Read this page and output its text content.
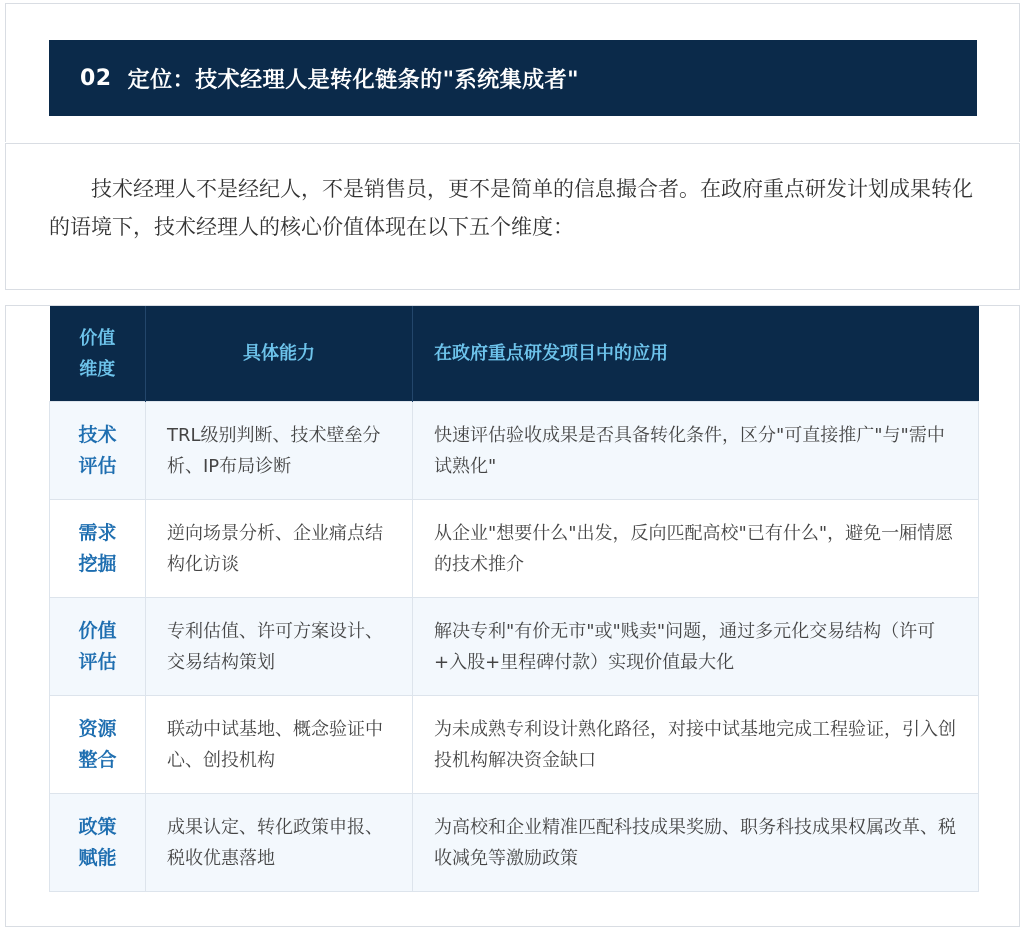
02 定位：技术经理人是转化链条的"系统集成者"

技术经理人不是经纪人，不是销售员，更不是简单的信息撮合者。在政府重点研发计划成果转化的语境下，技术经理人的核心价值体现在以下五个维度：

价值
维度	具体能力	在政府重点研发项目中的应用
技术
评估	TRL级别判断、技术壁垒分析、IP布局诊断	快速评估验收成果是否具备转化条件，区分"可直接推广"与"需中试熟化"
需求
挖掘	逆向场景分析、企业痛点结构化访谈	从企业"想要什么"出发，反向匹配高校"已有什么"，避免一厢情愿的技术推介
价值
评估	专利估值、许可方案设计、交易结构策划	解决专利"有价无市"或"贱卖"问题，通过多元化交易结构（许可+入股+里程碑付款）实现价值最大化
资源
整合	联动中试基地、概念验证中心、创投机构	为未成熟专利设计熟化路径，对接中试基地完成工程验证，引入创投机构解决资金缺口
政策
赋能	成果认定、转化政策申报、税收优惠落地	为高校和企业精准匹配科技成果奖励、职务科技成果权属改革、税收减免等激励政策
